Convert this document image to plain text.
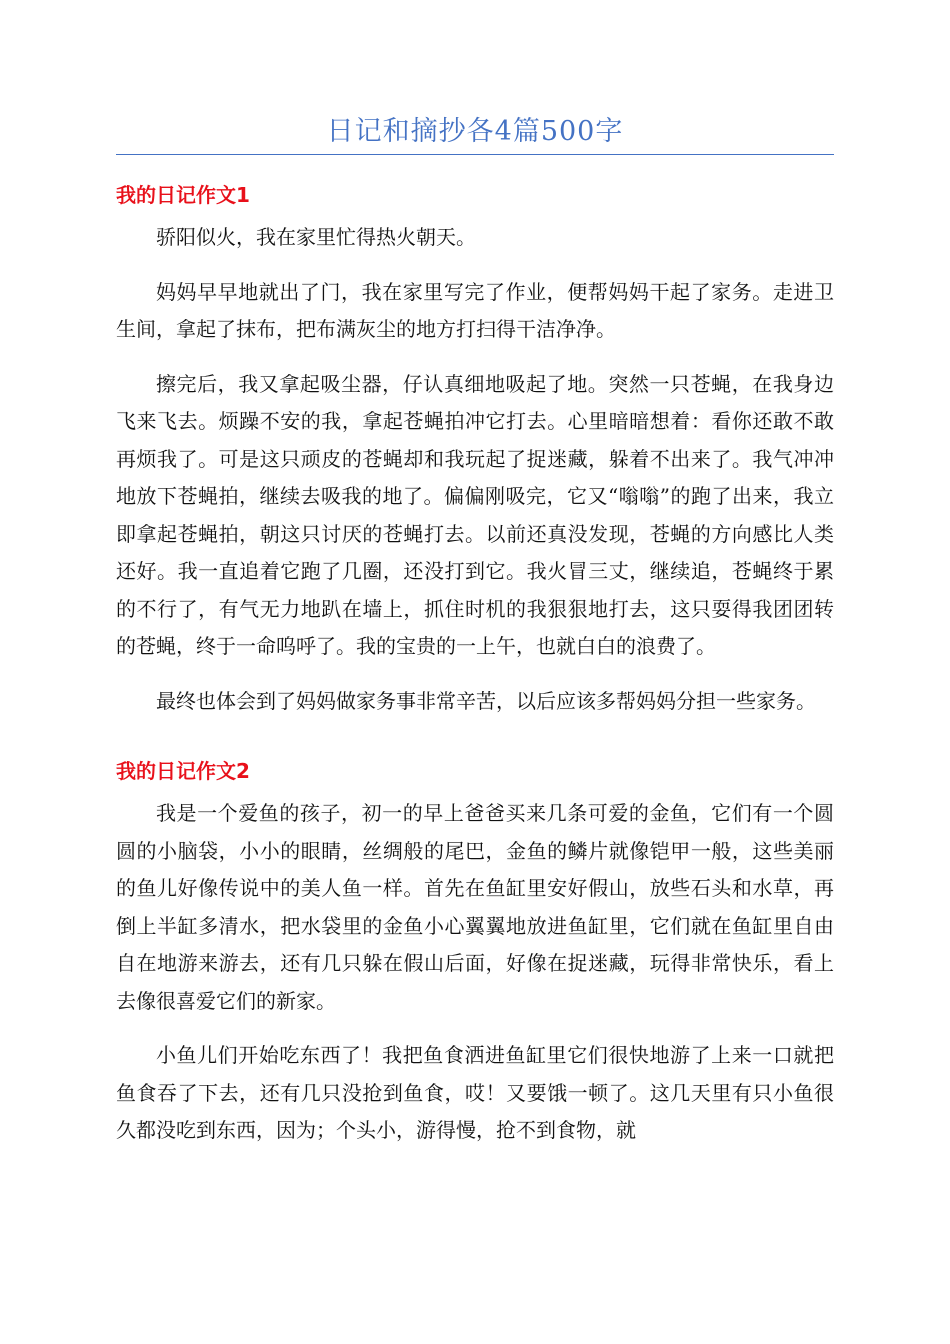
日记和摘抄各4篇500字
我的日记作文1

骄阳似火，我在家里忙得热火朝天。

妈妈早早地就出了门，我在家里写完了作业，便帮妈妈干起了家务。走进卫生间，拿起了抹布，把布满灰尘的地方打扫得干洁净净。

擦完后，我又拿起吸尘器，仔认真细地吸起了地。突然一只苍蝇，在我身边飞来飞去。烦躁不安的我，拿起苍蝇拍冲它打去。心里暗暗想着：看你还敢不敢再烦我了。可是这只顽皮的苍蝇却和我玩起了捉迷藏，躲着不出来了。我气冲冲地放下苍蝇拍，继续去吸我的地了。偏偏刚吸完，它又“嗡嗡”的跑了出来，我立即拿起苍蝇拍，朝这只讨厌的苍蝇打去。以前还真没发现，苍蝇的方向感比人类还好。我一直追着它跑了几圈，还没打到它。我火冒三丈，继续追，苍蝇终于累的不行了，有气无力地趴在墙上，抓住时机的我狠狠地打去，这只耍得我团团转的苍蝇，终于一命呜呼了。我的宝贵的一上午，也就白白的浪费了。

最终也体会到了妈妈做家务事非常辛苦，以后应该多帮妈妈分担一些家务。

我的日记作文2

我是一个爱鱼的孩子，初一的早上爸爸买来几条可爱的金鱼，它们有一个圆圆的小脑袋，小小的眼睛，丝绸般的尾巴，金鱼的鳞片就像铠甲一般，这些美丽的鱼儿好像传说中的美人鱼一样。首先在鱼缸里安好假山，放些石头和水草，再倒上半缸多清水，把水袋里的金鱼小心翼翼地放进鱼缸里，它们就在鱼缸里自由自在地游来游去，还有几只躲在假山后面，好像在捉迷藏，玩得非常快乐，看上去像很喜爱它们的新家。

小鱼儿们开始吃东西了！我把鱼食洒进鱼缸里它们很快地游了上来一口就把鱼食吞了下去，还有几只没抢到鱼食，哎！又要饿一顿了。这几天里有只小鱼很久都没吃到东西，因为；个头小，游得慢，抢不到食物，就
